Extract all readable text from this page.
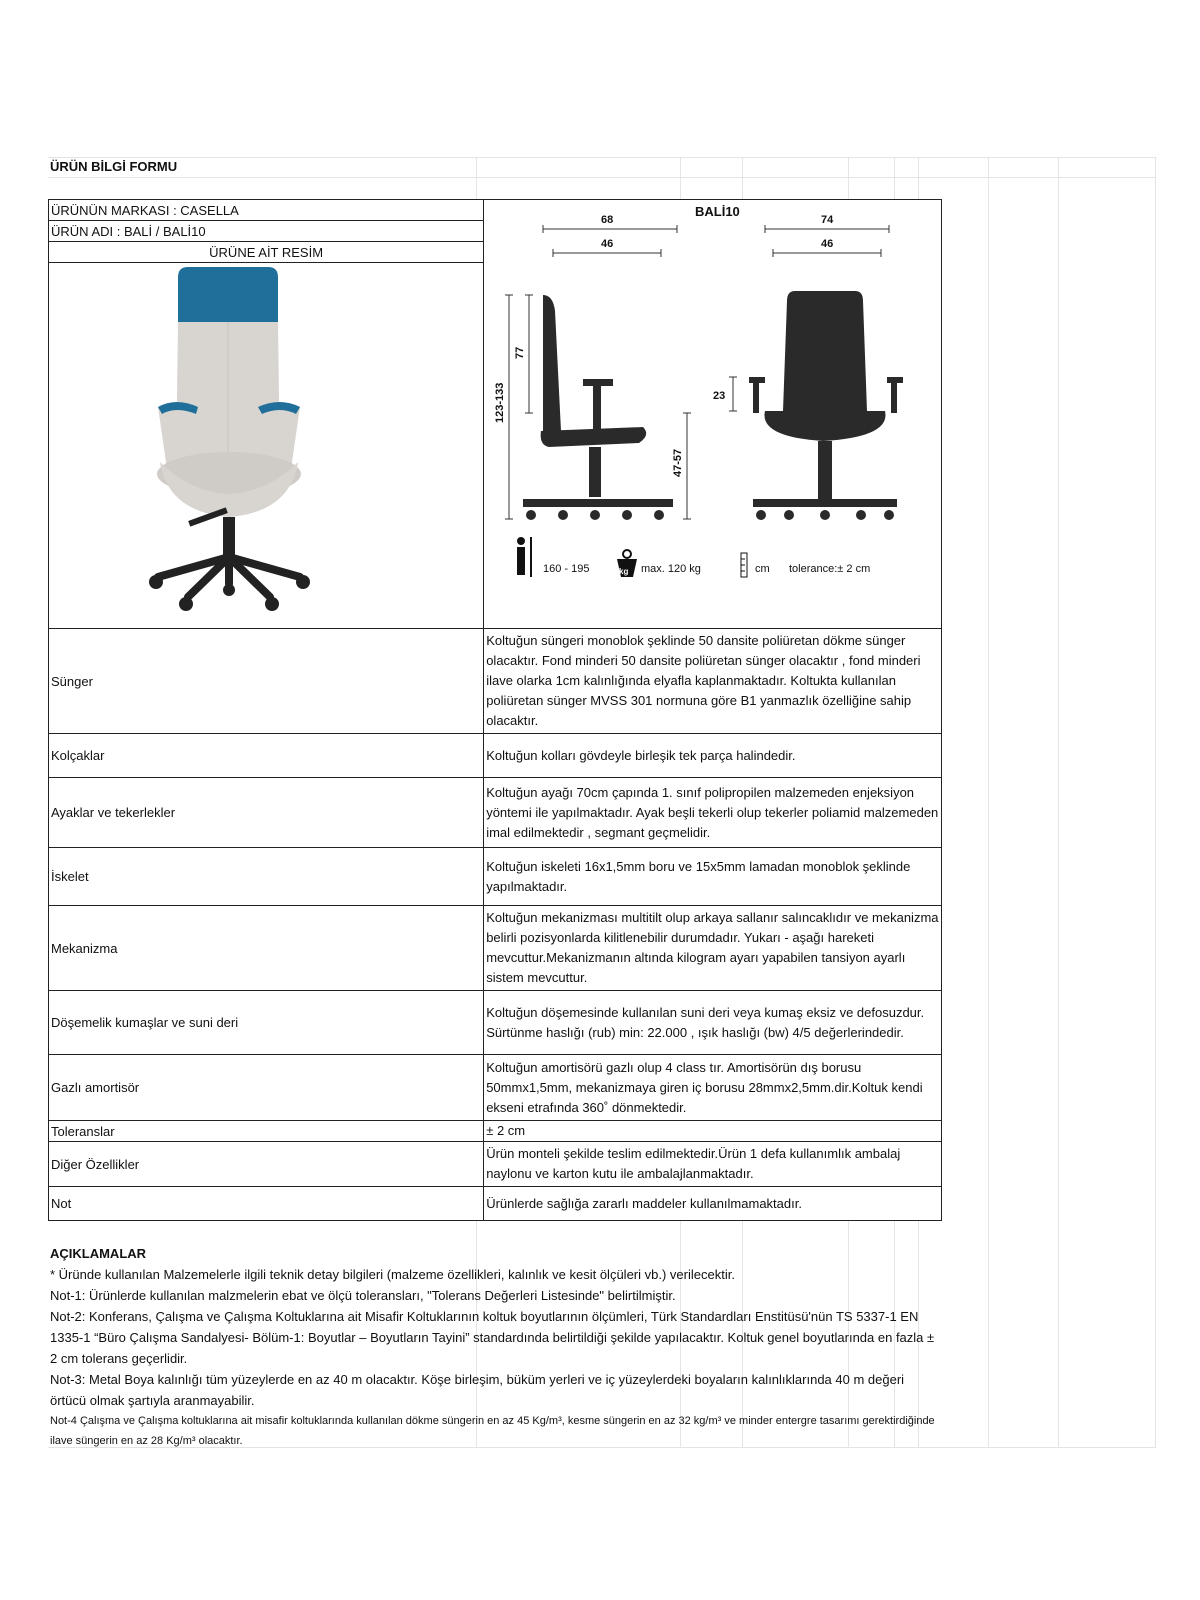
ÜRÜN BİLGİ FORMU
ÜRÜNÜN MARKASI : CASELLA	
ÜRÜN ADI : BALİ / BALİ10	
ÜRÜNE AİT RESİM	

Sünger	Koltuğun süngeri monoblok şeklinde 50 dansite poliüretan dökme sünger olacaktır. Fond minderi 50 dansite poliüretan sünger olacaktır , fond minderi ilave olarka 1cm kalınlığında elyafla kaplanmaktadır. Koltukta kullanılan poliüretan sünger MVSS 301 normuna göre B1 yanmazlık özelliğine sahip olacaktır.
Kolçaklar	Koltuğun kolları gövdeyle birleşik tek parça halindedir.
Ayaklar ve tekerlekler	Koltuğun ayağı 70cm çapında 1. sınıf polipropilen malzemeden enjeksiyon yöntemi ile yapılmaktadır. Ayak beşli tekerli olup tekerler poliamid malzemeden imal edilmektedir , segmant geçmelidir.
İskelet	Koltuğun iskeleti 16x1,5mm boru ve 15x5mm lamadan monoblok şeklinde yapılmaktadır.
Mekanizma	Koltuğun mekanizması multitilt olup arkaya sallanır salıncaklıdır ve mekanizma belirli pozisyonlarda kilitlenebilir durumdadır. Yukarı - aşağı hareketi mevcuttur.Mekanizmanın altında kilogram ayarı yapabilen tansiyon ayarlı sistem mevcuttur.
Döşemelik kumaşlar ve suni deri	Koltuğun döşemesinde kullanılan suni deri veya kumaş eksiz ve defosuzdur. Sürtünme haslığı (rub) min: 22.000 , ışık haslığı (bw) 4/5 değerlerindedir.
Gazlı amortisör	Koltuğun amortisörü gazlı olup 4 class tır. Amortisörün dış borusu 50mmx1,5mm, mekanizmaya giren iç borusu 28mmx2,5mm.dir.Koltuk kendi ekseni etrafında 360˚ dönmektedir.
Toleranslar	± 2 cm
Diğer Özellikler	Ürün monteli şekilde teslim edilmektedir.Ürün 1 defa kullanımlık ambalaj naylonu ve karton kutu ile ambalajlanmaktadır.
Not	Ürünlerde sağlığa zararlı maddeler kullanılmamaktadır.
BALİ10
68
46
74
46
123-133
77
47-57
23
160 - 195	kg max. 120 kg	cm tolerance:± 2 cm
AÇIKLAMALAR
* Üründe kullanılan Malzemelerle ilgili teknik detay bilgileri (malzeme özellikleri, kalınlık ve kesit ölçüleri vb.) verilecektir.
Not-1: Ürünlerde kullanılan malzmelerin ebat ve ölçü toleransları, "Tolerans Değerleri Listesinde" belirtilmiştir.
Not-2: Konferans, Çalışma ve Çalışma Koltuklarına ait Misafir Koltuklarının koltuk boyutlarının ölçümleri, Türk Standardları Enstitüsü'nün TS 5337-1 EN 1335-1 “Büro Çalışma Sandalyesi- Bölüm-1: Boyutlar – Boyutların Tayini” standardında belirtildiği şekilde yapılacaktır. Koltuk genel boyutlarında en fazla ± 2 cm tolerans geçerlidir.
Not-3: Metal Boya kalınlığı tüm yüzeylerde en az 40 m olacaktır. Köşe birleşim, büküm yerleri ve iç yüzeylerdeki boyaların kalınlıklarında 40 m değeri örtücü olmak şartıyla aranmayabilir.
Not-4 Çalışma ve Çalışma koltuklarına ait misafir koltuklarında kullanılan dökme süngerin en az 45 Kg/m³, kesme süngerin en az 32 kg/m³ ve minder entergre tasarımı gerektirdiğinde ilave süngerin en az 28 Kg/m³ olacaktır.
